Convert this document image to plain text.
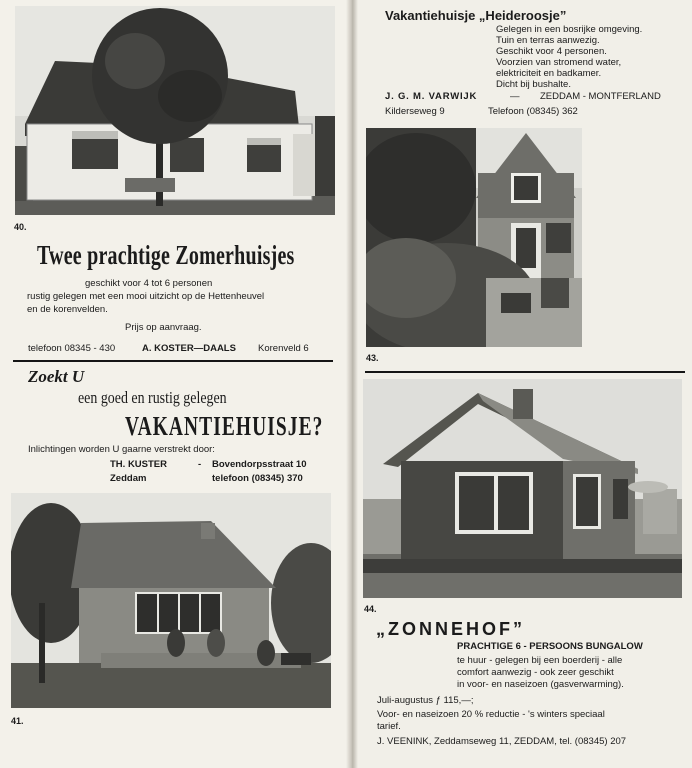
40.
Twee prachtige Zomerhuisjes
geschikt voor 4 tot 6 personen
rustig gelegen met een mooi uitzicht op de Hettenheuvel
en de korenvelden.
Prijs op aanvraag.
telefoon 08345 - 430	A. KOSTER—DAALS Korenveld 6
Zoekt U
een goed en rustig gelegen
VAKANTIEHUISJE?
Inlichtingen worden U gaarne verstrekt door:
TH. KUSTER	- Bovendorpsstraat 10
Zeddam	telefoon (08345) 370
41.
Vakantiehuisje „Heideroosje”
Gelegen in een bosrijke omgeving.
Tuin en terras aanwezig.
Geschikt voor 4 personen.
Voorzien van stromend water,
elektriciteit en badkamer.
Dicht bij bushalte.
J. G. M. VARWIJK	— ZEDDAM - MONTFERLAND
Kilderseweg 9	Telefoon (08345) 362
43.
44.
„ZONNEHOF”
PRACHTIGE 6 - PERSOONS BUNGALOW
te huur - gelegen bij een boerderij - alle
comfort aanwezig - ook zeer geschikt
in voor- en naseizoen (gasverwarming).
Juli-augustus ƒ 115,—;
Voor- en naseizoen 20 % reductie - 's winters speciaal
tarief.
J. VEENINK, Zeddamseweg 11, ZEDDAM, tel. (08345) 207
